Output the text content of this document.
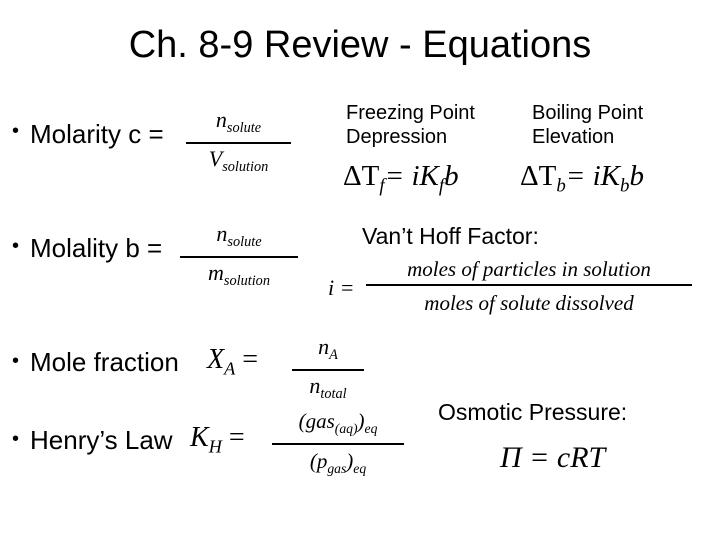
Ch. 8-9 Review - Equations
• Molarity c =	$n_{solute}$
$V_{solution}$
• Molality b =	$n_{solute}$
$m_{solution}$
• Mole fraction $X_A$ =	$n_A$
$n_{total}$
• Henry’s Law $K_H$ =
$(gas_{(aq)})_{eq}$
$(p_{gas})_{eq}$
Freezing Point
Depression
$\Delta T_f= iK_fb$
Boiling Point
Elevation
$\Delta T_b= iK_bb$
Van’t Hoff Factor:
i =
moles of particles in solution
moles of solute dissolved
Osmotic Pressure:
Π = cRT
